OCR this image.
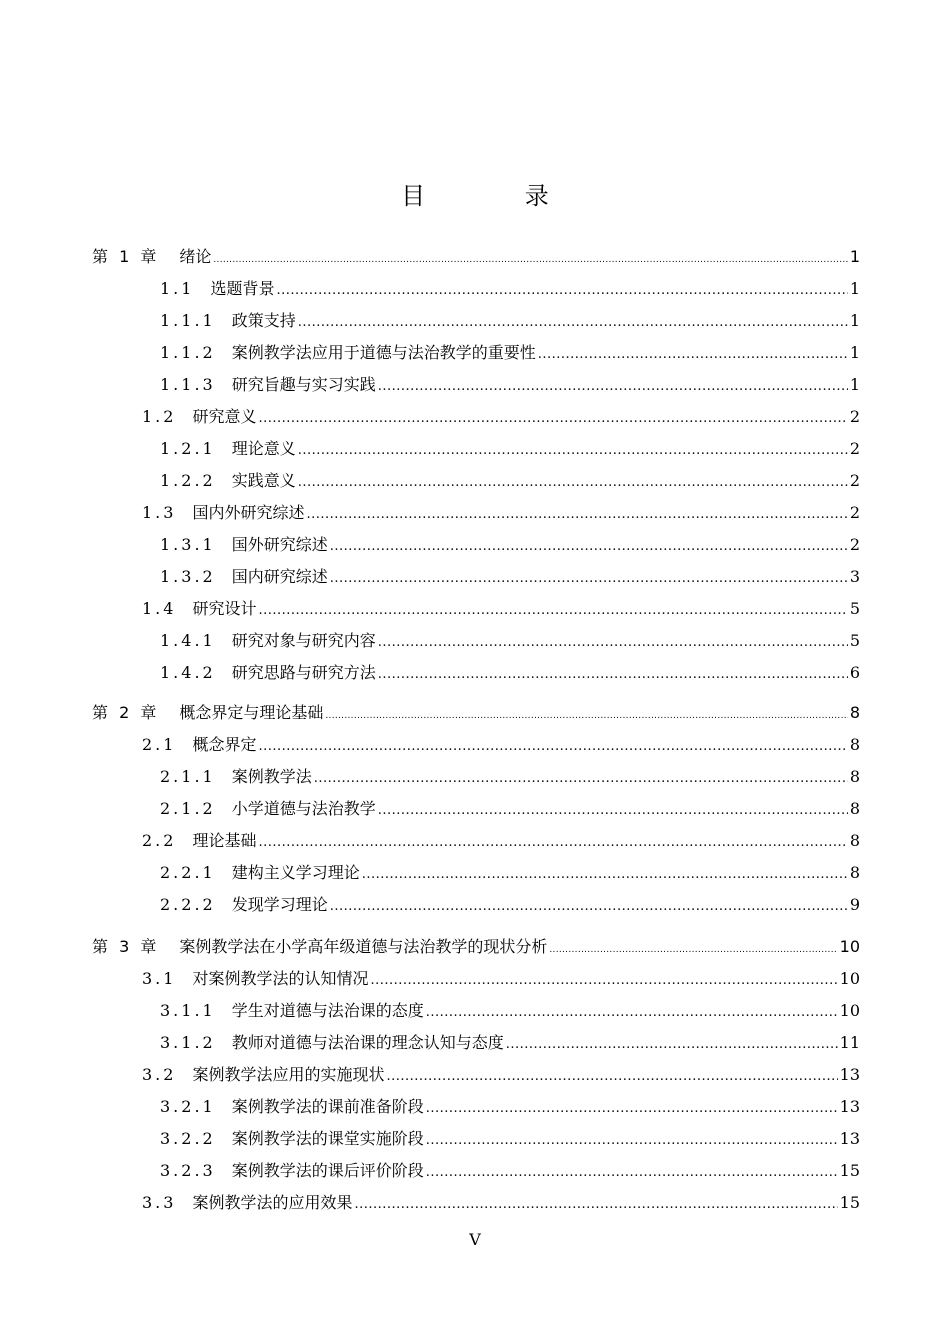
目 录
第 1 章 绪论 .....	1
1.1 选题背景 .....	1
1.1.1 政策支持 .....	1
1.1.2 案例教学法应用于道德与法治教学的重要性 .....	1
1.1.3 研究旨趣与实习实践 .....	1
1.2 研究意义 .....	2
1.2.1 理论意义 .....	2
1.2.2 实践意义 .....	2
1.3 国内外研究综述 .....	2
1.3.1 国外研究综述 .....	2
1.3.2 国内研究综述 .....	3
1.4 研究设计 .....	5
1.4.1 研究对象与研究内容 .....	5
1.4.2 研究思路与研究方法 .....	6
第 2 章 概念界定与理论基础 .....	8
2.1 概念界定 .....	8
2.1.1 案例教学法 .....	8
2.1.2 小学道德与法治教学 .....	8
2.2 理论基础 .....	8
2.2.1 建构主义学习理论 .....	8
2.2.2 发现学习理论 .....	9
第 3 章 案例教学法在小学高年级道德与法治教学的现状分析 .....	10
3.1 对案例教学法的认知情况 .....	10
3.1.1 学生对道德与法治课的态度 .....	10
3.1.2 教师对道德与法治课的理念认知与态度 .....	11
3.2 案例教学法应用的实施现状 .....	13
3.2.1 案例教学法的课前准备阶段 .....	13
3.2.2 案例教学法的课堂实施阶段 .....	13
3.2.3 案例教学法的课后评价阶段 .....	15
3.3 案例教学法的应用效果 .....	15
V
